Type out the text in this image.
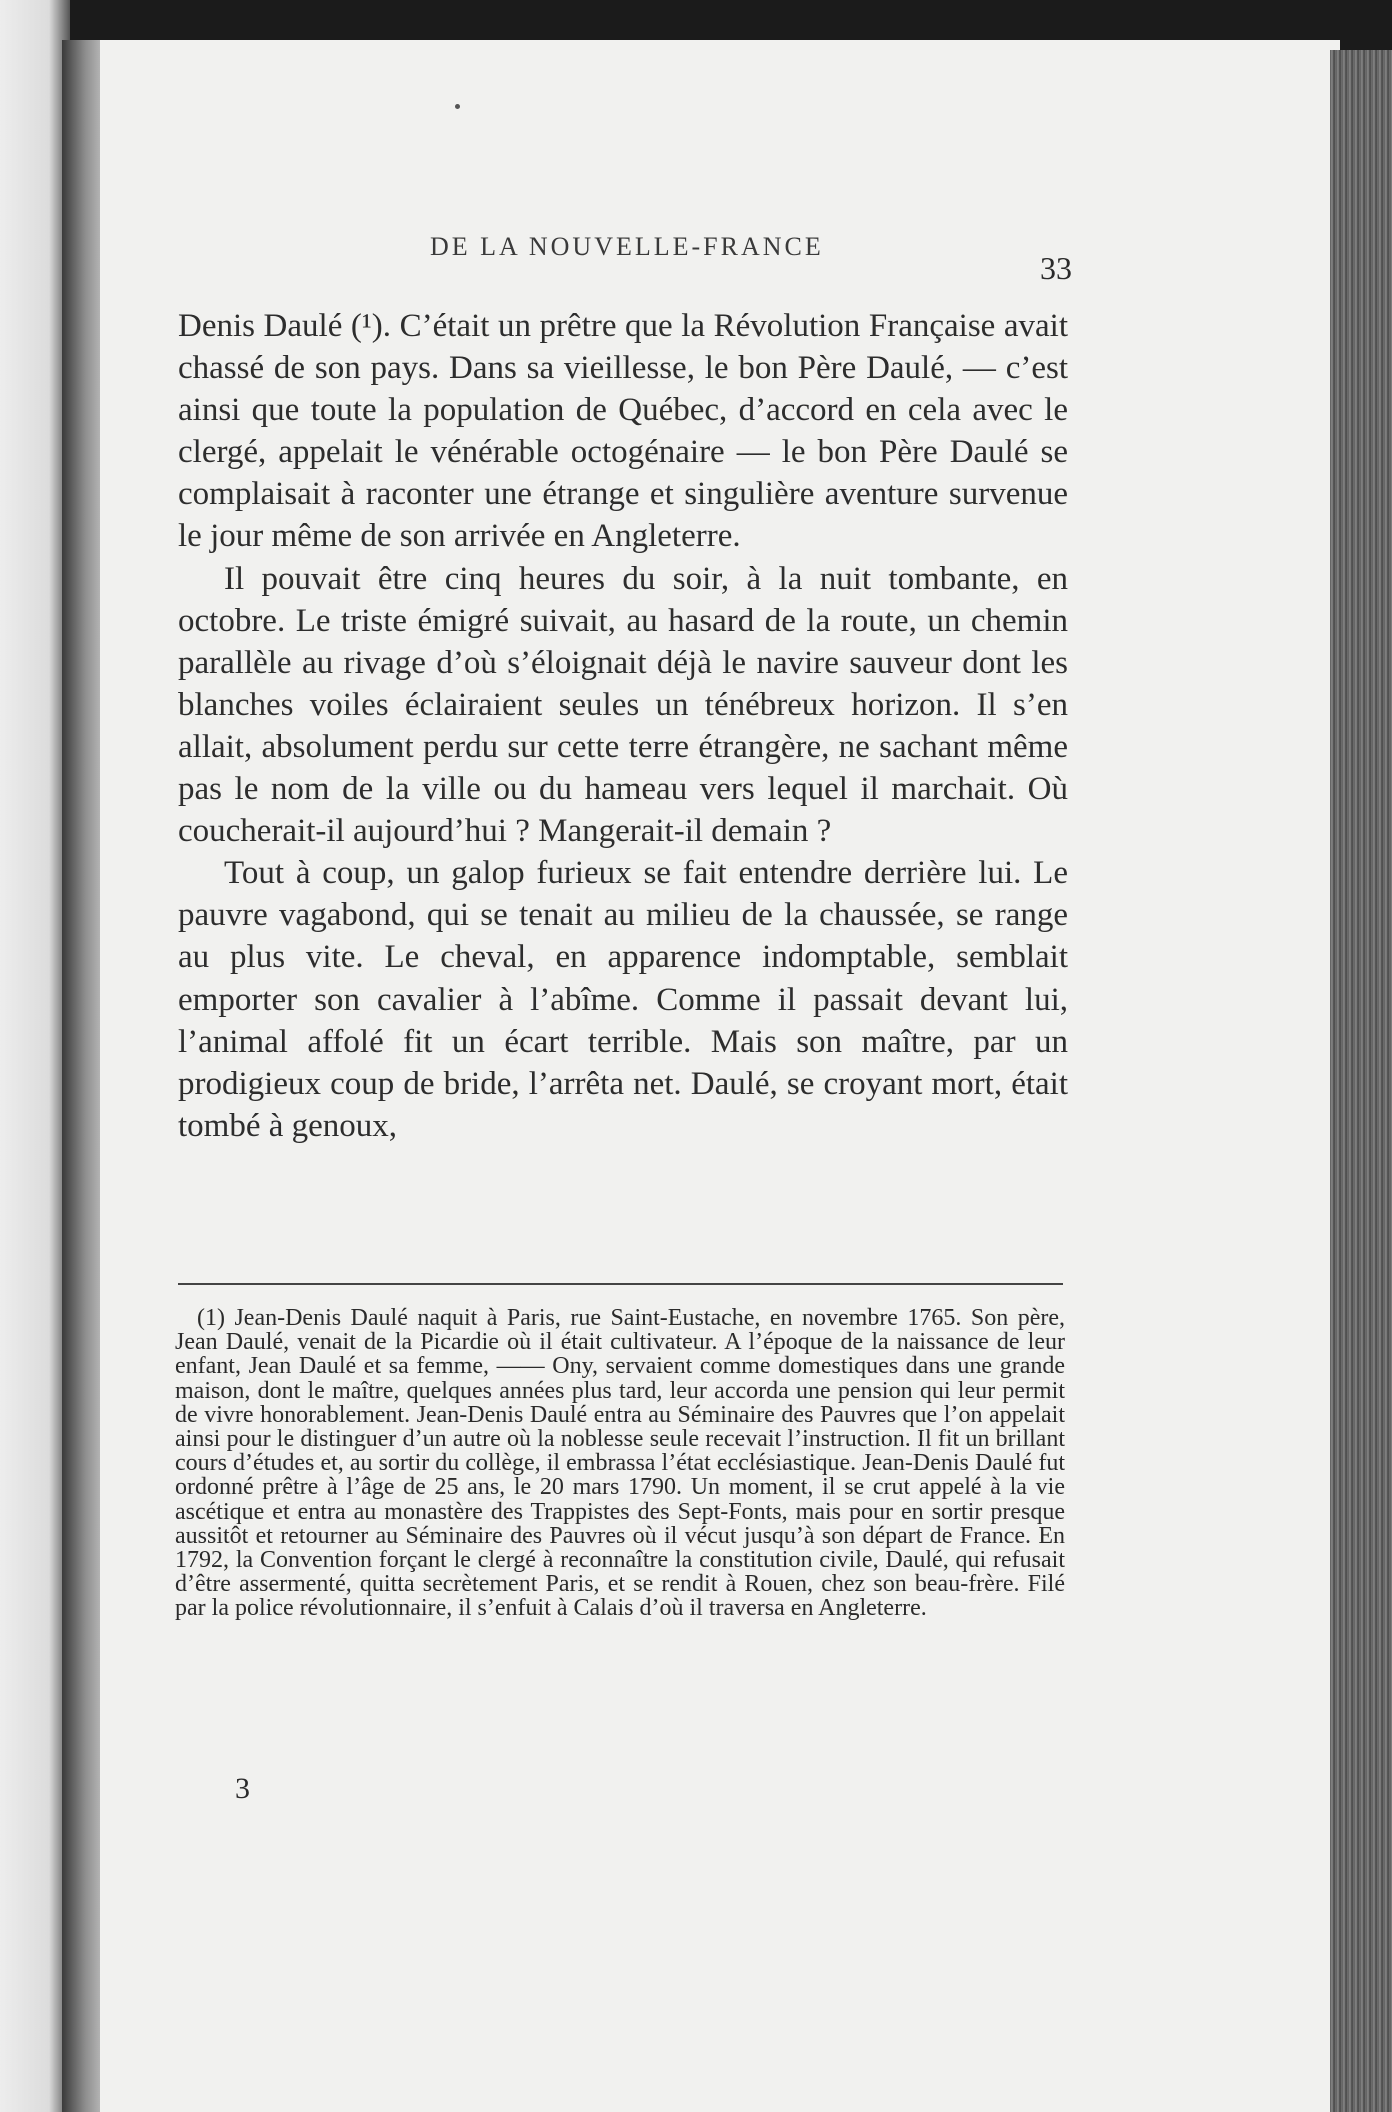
DE LA NOUVELLE-FRANCE
33

Denis Daulé (¹). C’était un prêtre que la Révolution Française avait chassé de son pays. Dans sa vieillesse, le bon Père Daulé, — c’est ainsi que toute la population de Québec, d’accord en cela avec le clergé, appelait le vénérable octogénaire — le bon Père Daulé se complaisait à raconter une étrange et singulière aventure survenue le jour même de son arrivée en Angleterre.

Il pouvait être cinq heures du soir, à la nuit tombante, en octobre. Le triste émigré suivait, au hasard de la route, un chemin parallèle au rivage d’où s’éloignait déjà le navire sauveur dont les blanches voiles éclairaient seules un ténébreux horizon. Il s’en allait, absolument perdu sur cette terre étrangère, ne sachant même pas le nom de la ville ou du hameau vers lequel il marchait. Où coucherait-il aujourd’hui ? Mangerait-il demain ?

Tout à coup, un galop furieux se fait entendre derrière lui. Le pauvre vagabond, qui se tenait au milieu de la chaussée, se range au plus vite. Le cheval, en apparence indomptable, semblait emporter son cavalier à l’abîme. Comme il passait devant lui, l’animal affolé fit un écart terrible. Mais son maître, par un prodigieux coup de bride, l’arrêta net. Daulé, se croyant mort, était tombé à genoux,

(1) Jean-Denis Daulé naquit à Paris, rue Saint-Eustache, en novembre 1765. Son père, Jean Daulé, venait de la Picardie où il était cultivateur. A l’époque de la naissance de leur enfant, Jean Daulé et sa femme, —— Ony, servaient comme domestiques dans une grande maison, dont le maître, quelques années plus tard, leur accorda une pension qui leur permit de vivre honorablement. Jean-Denis Daulé entra au Séminaire des Pauvres que l’on appelait ainsi pour le distinguer d’un autre où la noblesse seule recevait l’instruction. Il fit un brillant cours d’études et, au sortir du collège, il embrassa l’état ecclésiastique. Jean-Denis Daulé fut ordonné prêtre à l’âge de 25 ans, le 20 mars 1790. Un moment, il se crut appelé à la vie ascétique et entra au monastère des Trappistes des Sept-Fonts, mais pour en sortir presque aussitôt et retourner au Séminaire des Pauvres où il vécut jusqu’à son départ de France. En 1792, la Convention forçant le clergé à reconnaître la constitution civile, Daulé, qui refusait d’être assermenté, quitta secrètement Paris, et se rendit à Rouen, chez son beau-frère. Filé par la police révolutionnaire, il s’enfuit à Calais d’où il traversa en Angleterre.

3
